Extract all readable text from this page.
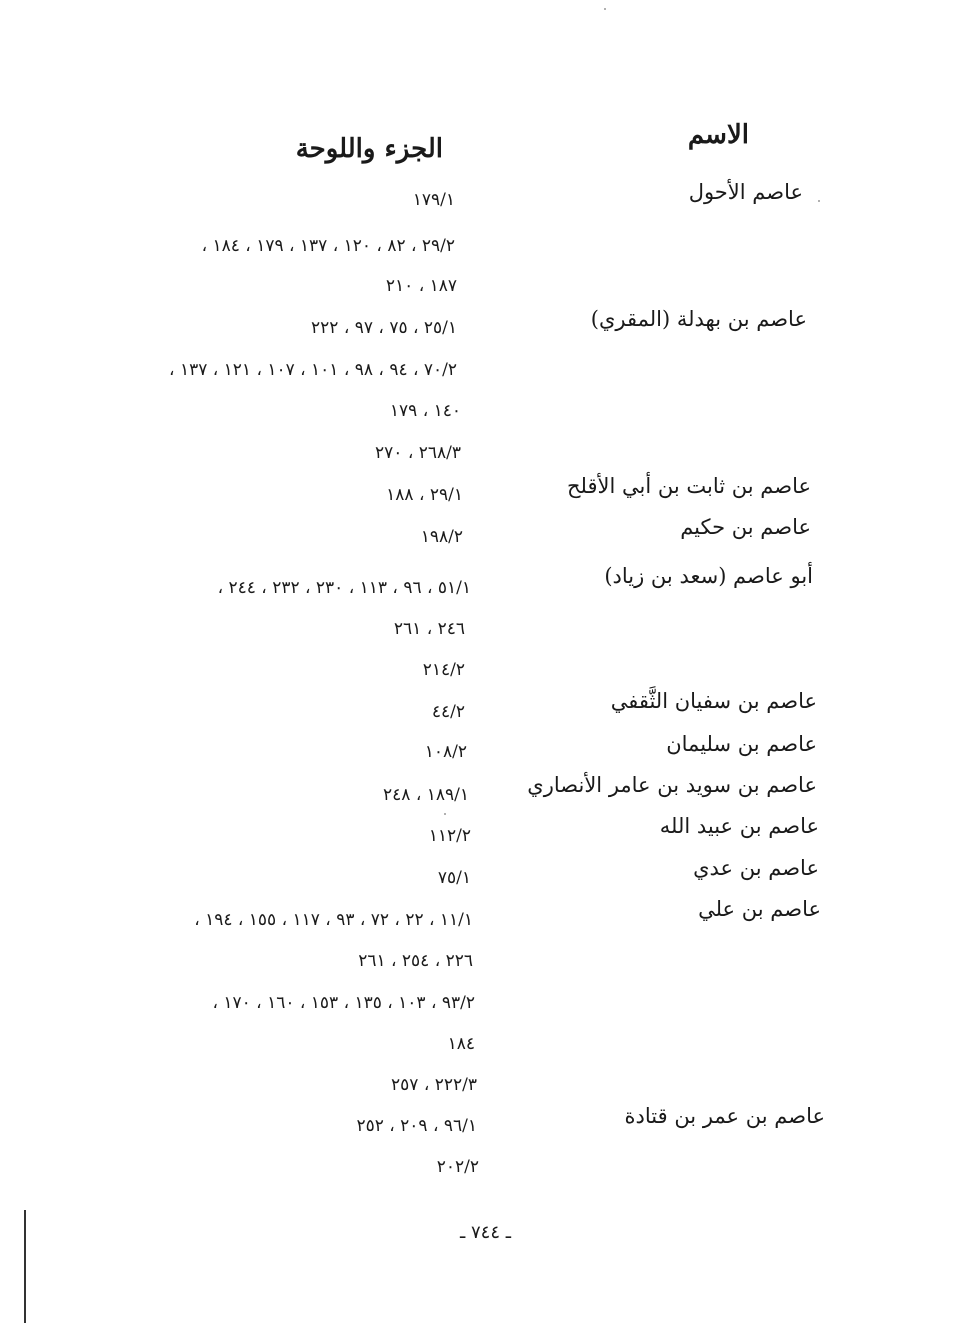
الاسم
الجزء واللوحة
عاصم الأحول
عاصم بن بهدلة (المقري)
عاصم بن ثابت بن أبي الأقلح
عاصم بن حكيم
أبو عاصم (سعد بن زياد)
عاصم بن سفيان الثَّقفي
عاصم بن سليمان
عاصم بن سويد بن عامر الأنصاري
عاصم بن عبيد الله
عاصم بن عدي
عاصم بن علي
عاصم بن عمر بن قتادة
١٧٩/١
٢٩/٢ ، ٨٢ ، ١٢٠ ، ١٣٧ ، ١٧٩ ، ١٨٤ ،
١٨٧ ، ٢١٠
٢٥/١ ، ٧٥ ، ٩٧ ، ٢٢٢
٧٠/٢ ، ٩٤ ، ٩٨ ، ١٠١ ، ١٠٧ ، ١٢١ ، ١٣٧ ،
١٤٠ ، ١٧٩
٢٦٨/٣ ، ٢٧٠
٢٩/١ ، ١٨٨
١٩٨/٢
٥١/١ ، ٩٦ ، ١١٣ ، ٢٣٠ ، ٢٣٢ ، ٢٤٤ ،
٢٤٦ ، ٢٦١
٢١٤/٢
٤٤/٢
١٠٨/٢
١٨٩/١ ، ٢٤٨
١١٢/٢
٧٥/١
١١/١ ، ٢٢ ، ٧٢ ، ٩٣ ، ١١٧ ، ١٥٥ ، ١٩٤ ،
٢٢٦ ، ٢٥٤ ، ٢٦١
٩٣/٢ ، ١٠٣ ، ١٣٥ ، ١٥٣ ، ١٦٠ ، ١٧٠ ،
١٨٤
٢٢٢/٣ ، ٢٥٧
٩٦/١ ، ٢٠٩ ، ٢٥٢
٢٠٢/٢
ـ ٧٤٤ ـ
